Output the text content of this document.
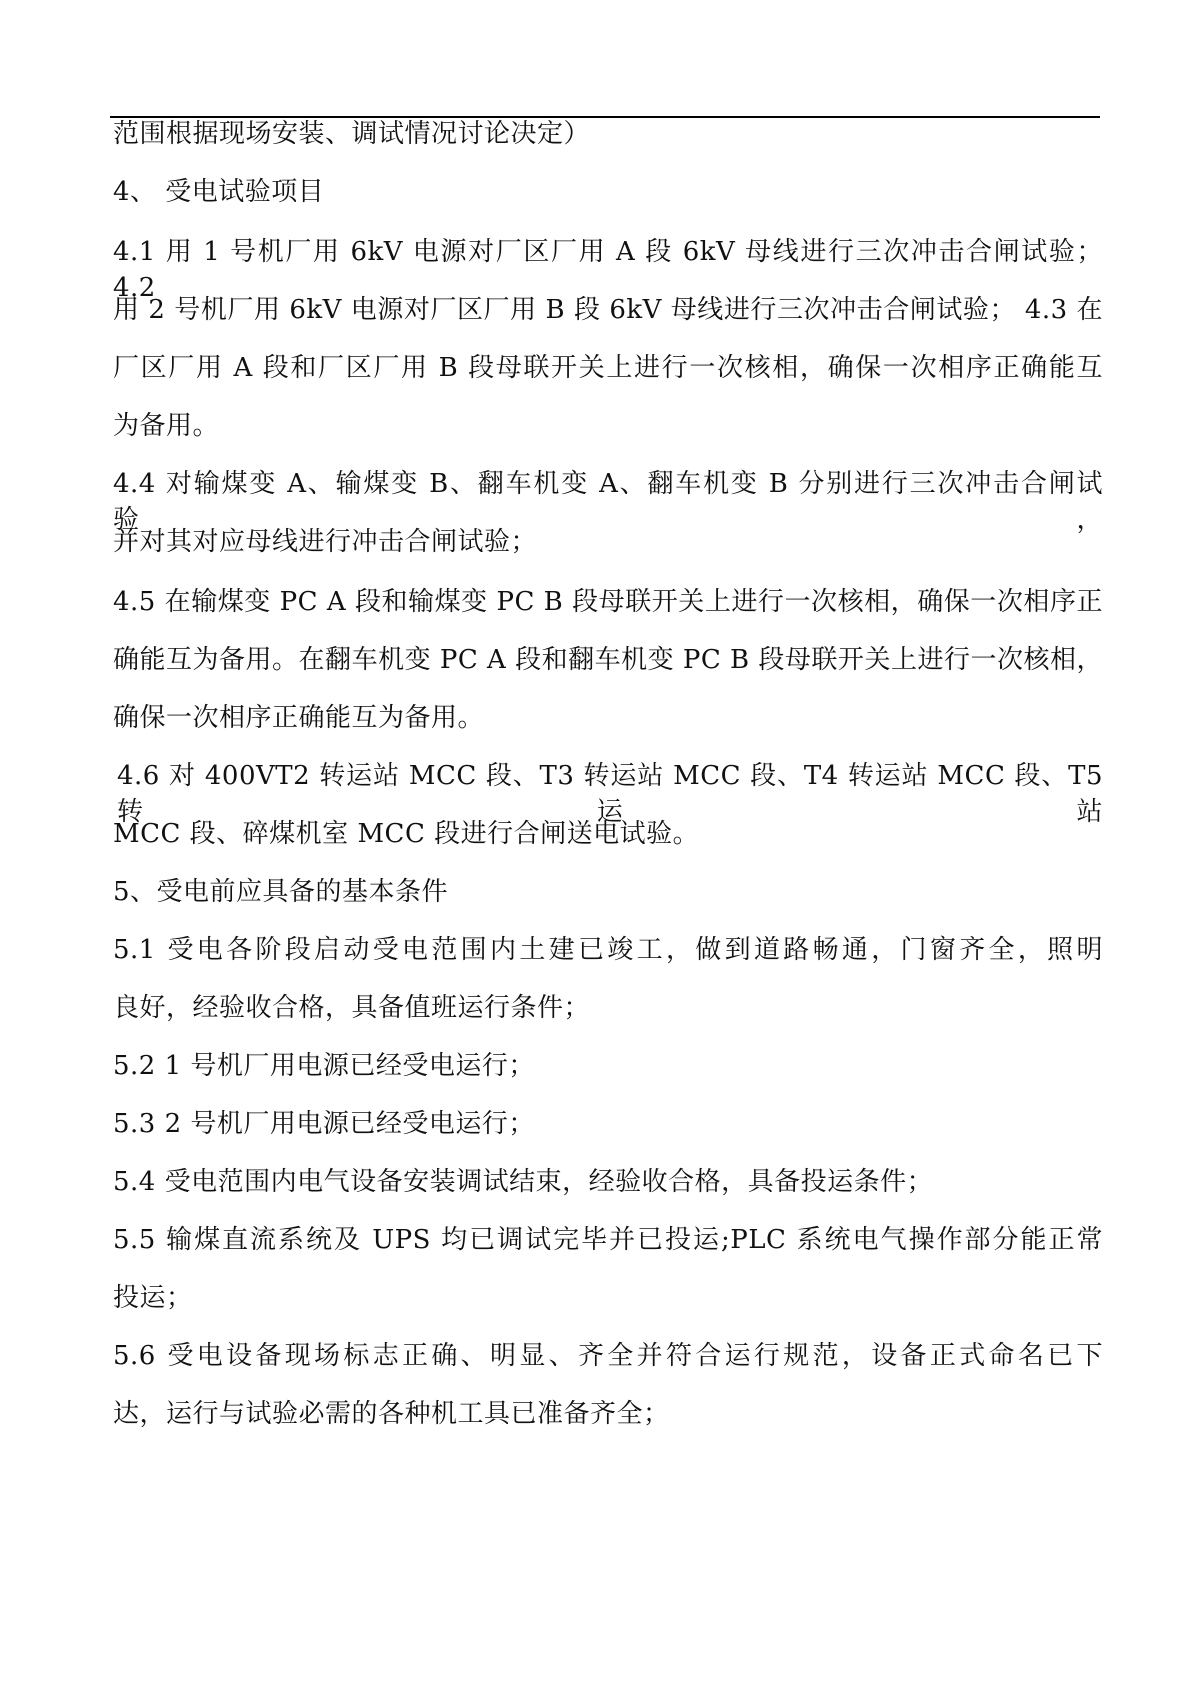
范围根据现场安装、调试情况讨论决定）
4、 受电试验项目
4.1 用 1 号机厂用 6kV 电源对厂区厂用 A 段 6kV 母线进行三次冲击合闸试验；4.2
用 2 号机厂用 6kV 电源对厂区厂用 B 段 6kV 母线进行三次冲击合闸试验； 4.3 在
厂区厂用 A 段和厂区厂用 B 段母联开关上进行一次核相，确保一次相序正确能互
为备用。
4.4 对输煤变 A、输煤变 B、翻车机变 A、翻车机变 B 分别进行三次冲击合闸试验，
并对其对应母线进行冲击合闸试验；
4.5 在输煤变 PC A 段和输煤变 PC B 段母联开关上进行一次核相，确保一次相序正
确能互为备用。在翻车机变 PC A 段和翻车机变 PC B 段母联开关上进行一次核相，
确保一次相序正确能互为备用。
4.6 对 400VT2 转运站 MCC 段、T3 转运站 MCC 段、T4 转运站 MCC 段、T5 转运站
MCC 段、碎煤机室 MCC 段进行合闸送电试验。
5、受电前应具备的基本条件
5.1 受电各阶段启动受电范围内土建已竣工，做到道路畅通，门窗齐全，照明
良好，经验收合格，具备值班运行条件；
5.2 1 号机厂用电源已经受电运行；
5.3 2 号机厂用电源已经受电运行；
5.4 受电范围内电气设备安装调试结束，经验收合格，具备投运条件；
5.5 输煤直流系统及 UPS 均已调试完毕并已投运;PLC 系统电气操作部分能正常
投运；
5.6 受电设备现场标志正确、明显、齐全并符合运行规范，设备正式命名已下
达，运行与试验必需的各种机工具已准备齐全；
